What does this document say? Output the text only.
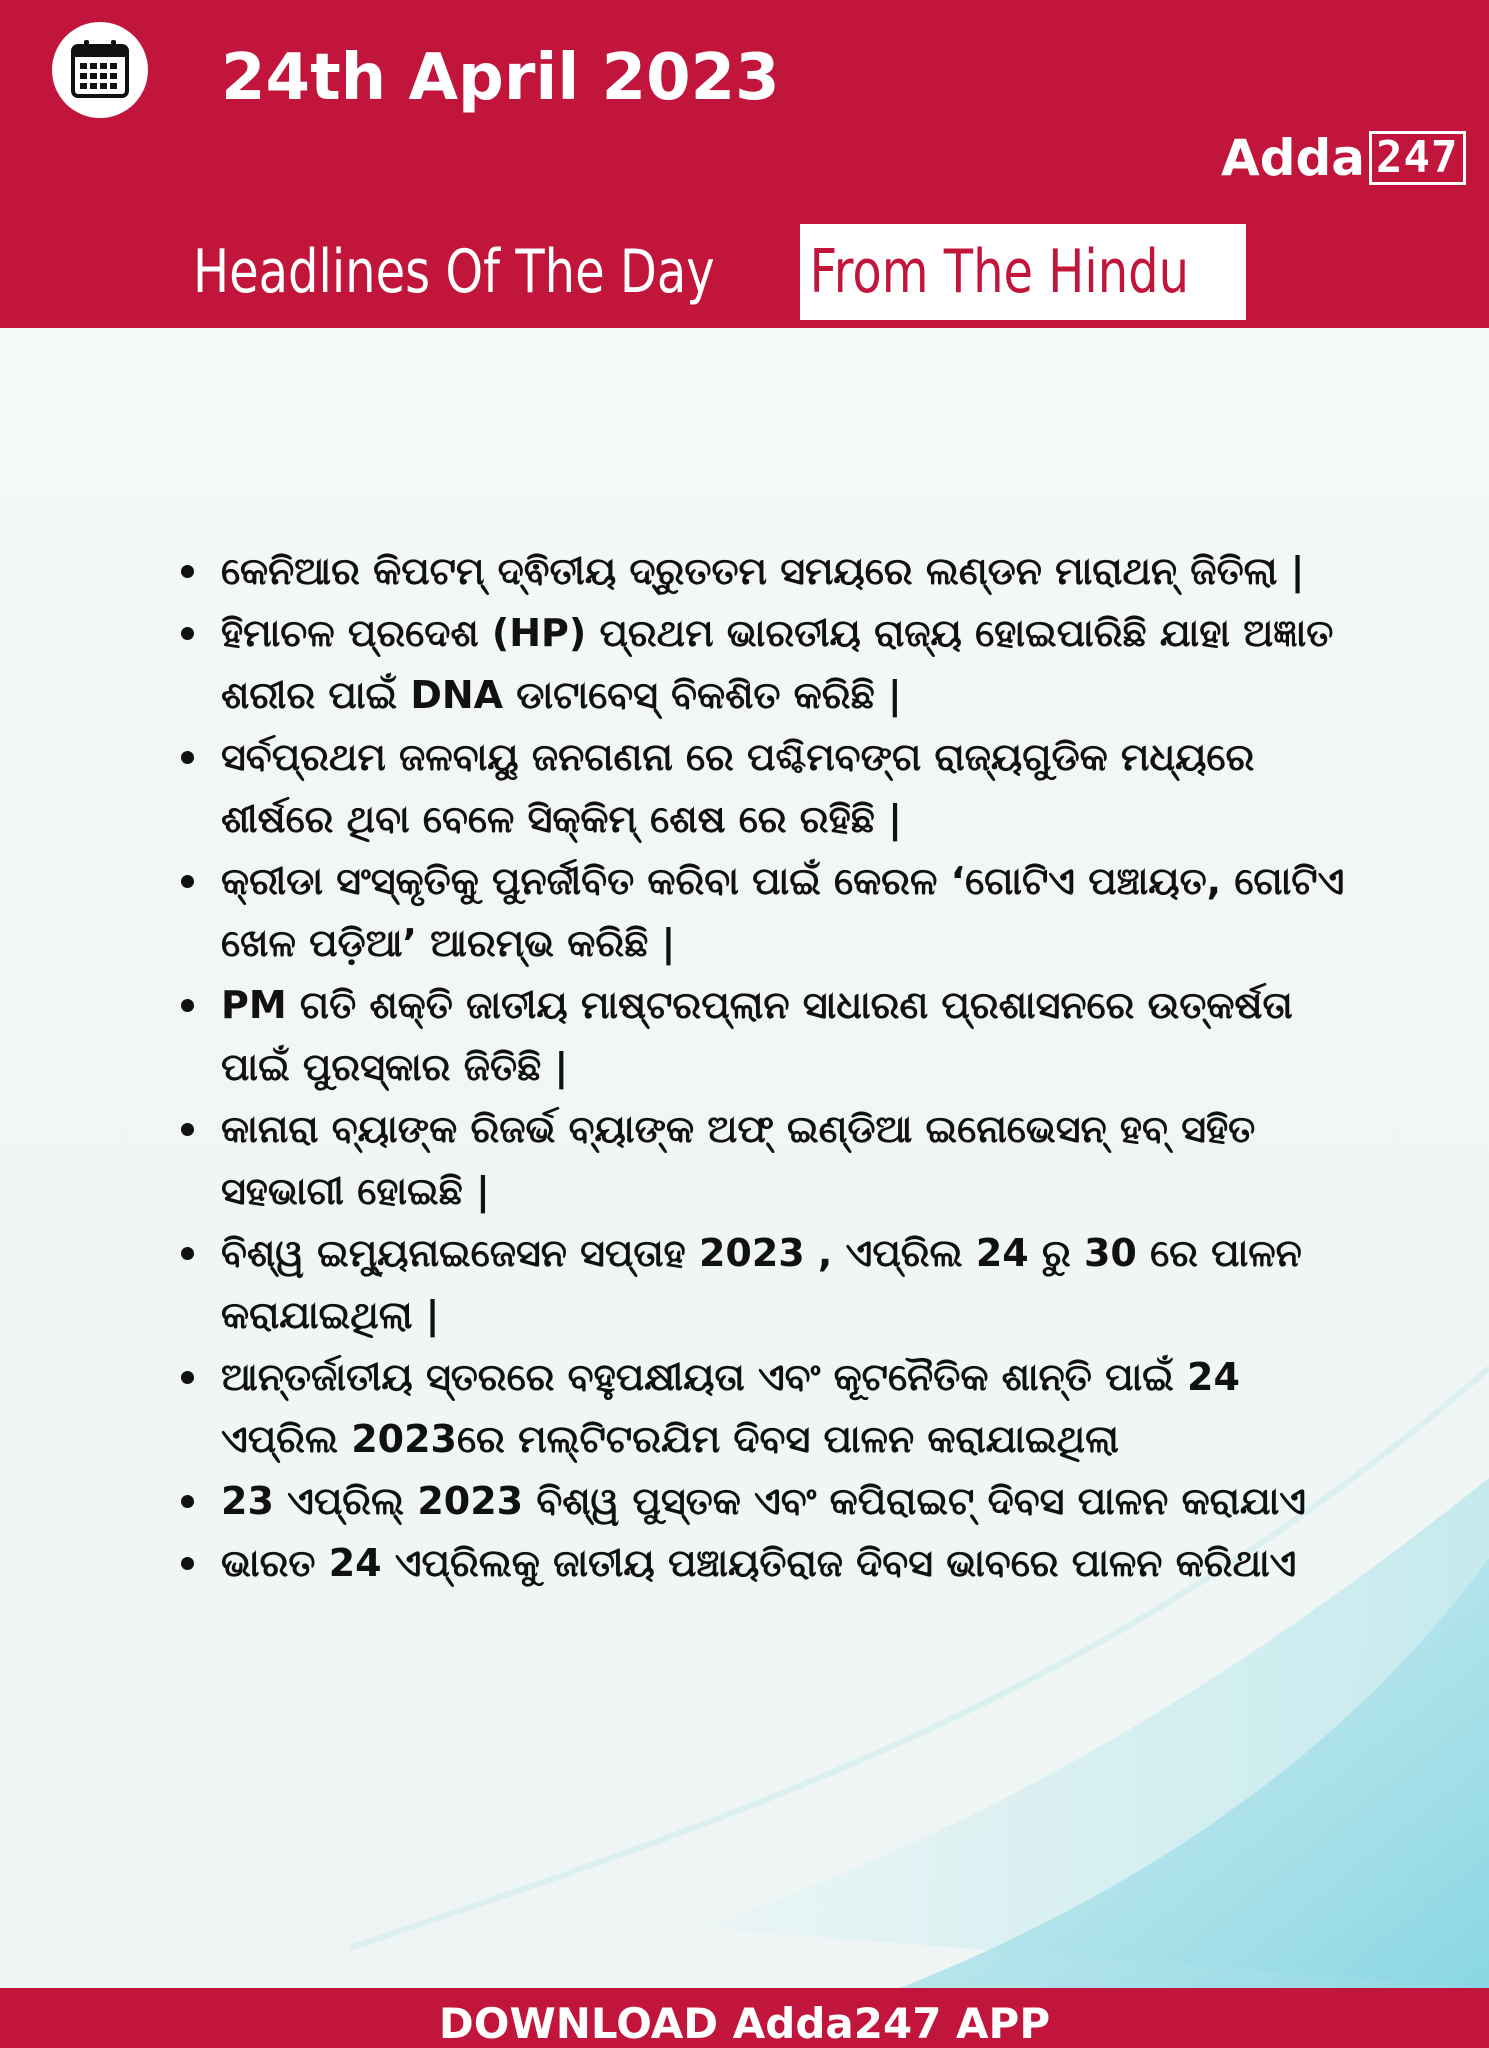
24th April 2023
Adda 247
Headlines Of The Day From The Hindu
କେନିଆର କିପଟମ୍ ଦ୍ଵିତୀୟ ଦ୍ରୁତତମ ସମୟରେ ଲଣ୍ଡନ ମାରାଥନ୍ ଜିତିଲା |
ହିମାଚଳ ପ୍ରଦେଶ (HP) ପ୍ରଥମ ଭାରତୀୟ ରାଜ୍ୟ ହୋଇପାରିଛି ଯାହା ଅଜ୍ଞାତ ଶରୀର ପାଇଁ DNA ଡାଟାବେସ୍ ବିକଶିତ କରିଛି |
ସର୍ବପ୍ରଥମ ଜଳବାୟୁ ଜନଗଣନା ରେ ପଶ୍ଚିମବଙ୍ଗ ରାଜ୍ୟଗୁଡିକ ମଧ୍ୟରେ ଶୀର୍ଷରେ ଥିବା ବେଳେ ସିକ୍କିମ୍ ଶେଷ ରେ ରହିଛି |
କ୍ରୀଡା ସଂସ୍କୃତିକୁ ପୁନର୍ଜୀବିତ କରିବା ପାଇଁ କେରଳ ‘ଗୋଟିଏ ପଞ୍ଚାୟତ, ଗୋଟିଏ ଖେଳ ପଡ଼ିଆ’ ଆରମ୍ଭ କରିଛି |
PM ଗତି ଶକ୍ତି ଜାତୀୟ ମାଷ୍ଟରପ୍ଲାନ ସାଧାରଣ ପ୍ରଶାସନରେ ଉତ୍କର୍ଷତା ପାଇଁ ପୁରସ୍କାର ଜିତିଛି |
କାନାରା ବ୍ୟାଙ୍କ ରିଜର୍ଭ ବ୍ୟାଙ୍କ ଅଫ୍ ଇଣ୍ଡିଆ ଇନୋଭେସନ୍ ହବ୍ ସହିତ ସହଭାଗୀ ହୋଇଛି |
ବିଶ୍ୱ ଇମ୍ୟୁନାଇଜେସନ ସପ୍ତାହ 2023 , ଏପ୍ରିଲ 24 ରୁ 30 ରେ ପାଳନ କରାଯାଇଥିଲା |
ଆନ୍ତର୍ଜାତୀୟ ସ୍ତରରେ ବହୁପକ୍ଷୀୟତା ଏବଂ କୂଟନୈତିକ ଶାନ୍ତି ପାଇଁ 24 ଏପ୍ରିଲ 2023ରେ ମଲ୍ଟିଟରଯିମ ଦିବସ ପାଳନ କରାଯାଇଥିଲା
23 ଏପ୍ରିଲ୍ 2023 ବିଶ୍ୱ ପୁସ୍ତକ ଏବଂ କପିରାଇଟ୍ ଦିବସ ପାଳନ କରାଯାଏ
ଭାରତ 24 ଏପ୍ରିଲକୁ ଜାତୀୟ ପଞ୍ଚାୟତିରାଜ ଦିବସ ଭାବରେ ପାଳନ କରିଥାଏ
DOWNLOAD Adda247 APP
